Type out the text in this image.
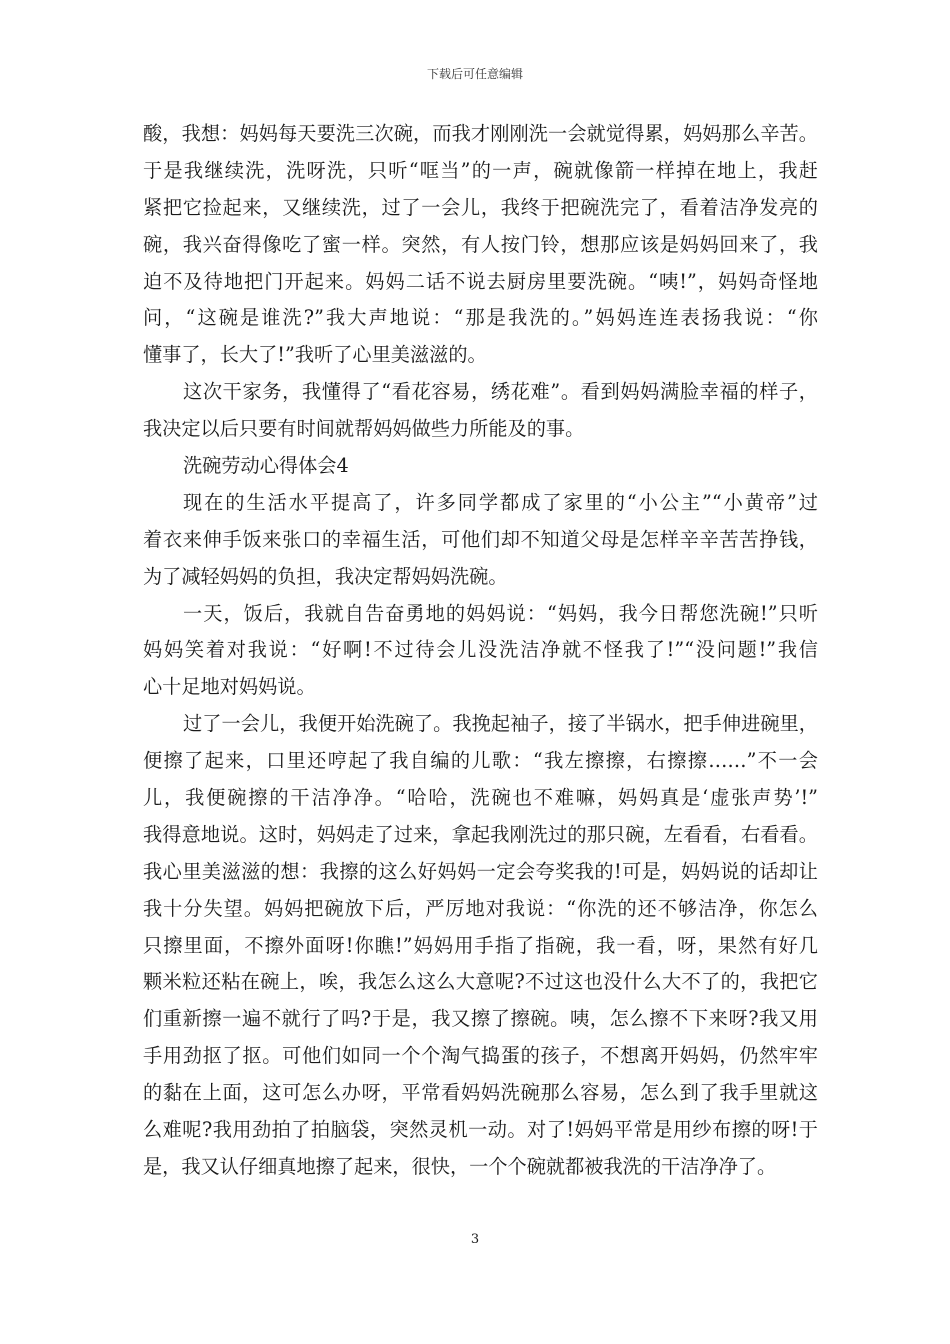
下载后可任意编辑
酸，我想：妈妈每天要洗三次碗，而我才刚刚洗一会就觉得累，妈妈那么辛苦。
于是我继续洗，洗呀洗，只听“哐当”的一声，碗就像箭一样掉在地上，我赶
紧把它捡起来，又继续洗，过了一会儿，我终于把碗洗完了，看着洁净发亮的
碗，我兴奋得像吃了蜜一样。突然，有人按门铃，想那应该是妈妈回来了，我
迫不及待地把门开起来。妈妈二话不说去厨房里要洗碗。“咦!”，妈妈奇怪地
问，“这碗是谁洗?”我大声地说：“那是我洗的。”妈妈连连表扬我说：“你
懂事了，长大了!”我听了心里美滋滋的。
这次干家务，我懂得了“看花容易，绣花难”。看到妈妈满脸幸福的样子，
我决定以后只要有时间就帮妈妈做些力所能及的事。
洗碗劳动心得体会4
现在的生活水平提高了，许多同学都成了家里的“小公主”“小黄帝”过
着衣来伸手饭来张口的幸福生活，可他们却不知道父母是怎样辛辛苦苦挣钱，
为了减轻妈妈的负担，我决定帮妈妈洗碗。
一天，饭后，我就自告奋勇地的妈妈说：“妈妈，我今日帮您洗碗!”只听
妈妈笑着对我说：“好啊!不过待会儿没洗洁净就不怪我了!”“没问题!”我信
心十足地对妈妈说。
过了一会儿，我便开始洗碗了。我挽起袖子，接了半锅水，把手伸进碗里，
便擦了起来，口里还哼起了我自编的儿歌：“我左擦擦，右擦擦……”不一会
儿，我便碗擦的干洁净净。“哈哈，洗碗也不难嘛，妈妈真是‘虚张声势’!”
我得意地说。这时，妈妈走了过来，拿起我刚洗过的那只碗，左看看，右看看。
我心里美滋滋的想：我擦的这么好妈妈一定会夸奖我的!可是，妈妈说的话却让
我十分失望。妈妈把碗放下后，严厉地对我说：“你洗的还不够洁净，你怎么
只擦里面，不擦外面呀!你瞧!”妈妈用手指了指碗，我一看，呀，果然有好几
颗米粒还粘在碗上，唉，我怎么这么大意呢?不过这也没什么大不了的，我把它
们重新擦一遍不就行了吗?于是，我又擦了擦碗。咦，怎么擦不下来呀?我又用
手用劲抠了抠。可他们如同一个个淘气捣蛋的孩子，不想离开妈妈，仍然牢牢
的黏在上面，这可怎么办呀，平常看妈妈洗碗那么容易，怎么到了我手里就这
么难呢?我用劲拍了拍脑袋，突然灵机一动。对了!妈妈平常是用纱布擦的呀!于
是，我又认仔细真地擦了起来，很快，一个个碗就都被我洗的干洁净净了。
3
